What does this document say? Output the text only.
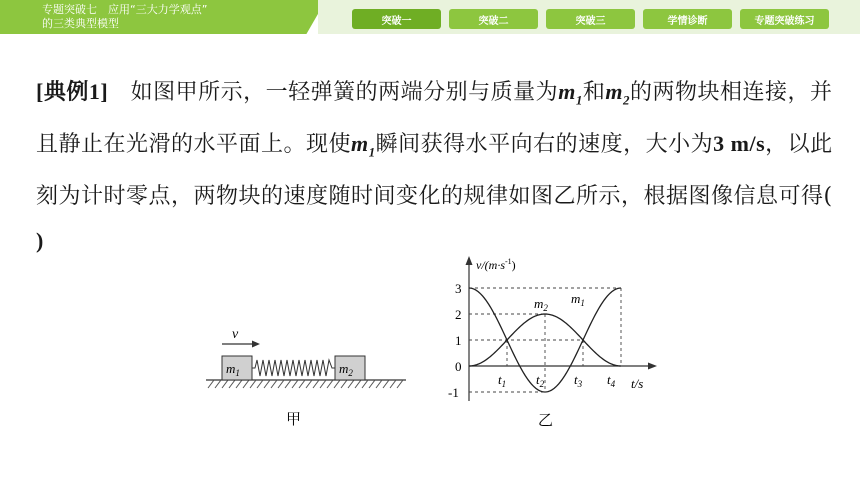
专题突破七　应用“三大力学观点”
的三类典型模型	突破一	突破二	突破三	学情诊断	专题突破练习
[典例1]　 如图甲所示，一轻弹簧的两端分别与质量为$m_1$和$m_2$的两物块相连接，并且静止在光滑的水平面上。现使$m_1$瞬间获得水平向右的速度，大小为3 m/s，以此刻为计时零点，两物块的速度随时间变化的规律如图乙所示，根据图像信息可得(　　)
v
$m_1$	$m_2$
甲
$v/(m\cdot s^{-1})$
t/s
3
2
1
0
-1
$t_1$ $t_2$ $t_3$ $t_4$
$m_2$
$m_1$
乙
